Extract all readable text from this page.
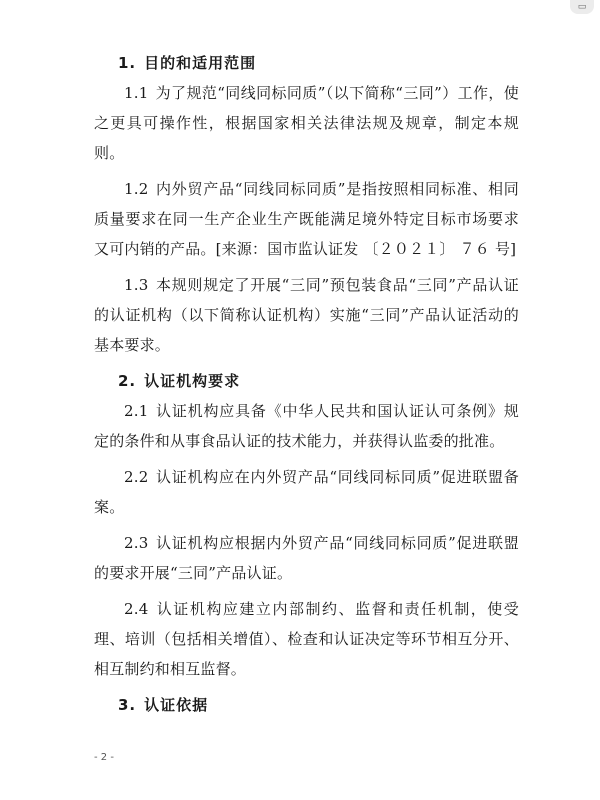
▭
1. 目的和适用范围

1.1 为了规范“同线同标同质”（以下简称“三同”）工作，使之更具可操作性，根据国家相关法律法规及规章，制定本规则。

1.2 内外贸产品“同线同标同质”是指按照相同标准、相同质量要求在同一生产企业生产既能满足境外特定目标市场要求又可内销的产品。[来源：国市监认证发 〔２０２１〕 ７６ 号]

1.3 本规则规定了开展“三同”预包装食品“三同”产品认证的认证机构（以下简称认证机构）实施“三同”产品认证活动的基本要求。

2. 认证机构要求

2.1 认证机构应具备《中华人民共和国认证认可条例》规定的条件和从事食品认证的技术能力，并获得认监委的批准。

2.2 认证机构应在内外贸产品“同线同标同质”促进联盟备案。

2.3 认证机构应根据内外贸产品“同线同标同质”促进联盟的要求开展“三同”产品认证。

2.4 认证机构应建立内部制约、监督和责任机制，使受理、培训（包括相关增值）、检查和认证决定等环节相互分开、相互制约和相互监督。

3. 认证依据
- 2 -
